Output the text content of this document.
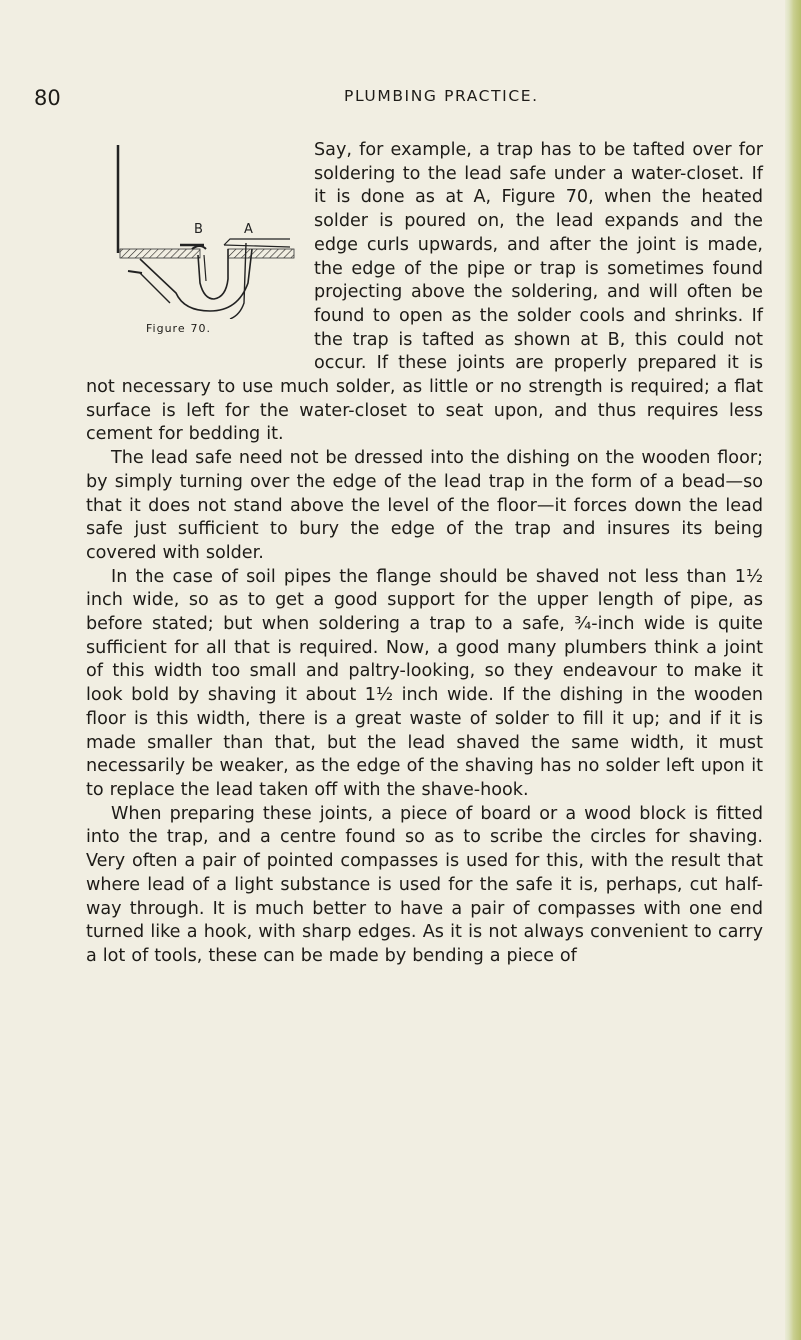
80	PLUMBING PRACTICE.
B	A
Figure 70.

Say, for example, a trap has to be tafted over for soldering to the lead safe under a water-closet. If it is done as at A, Figure 70, when the heated solder is poured on, the lead expands and the edge curls upwards, and after the joint is made, the edge of the pipe or trap is sometimes found projecting above the soldering, and will often be found to open as the solder cools and shrinks. If the trap is tafted as shown at B, this could not occur. If these joints are properly prepared it is not necessary to use much solder, as little or no strength is required; a flat surface is left for the water-closet to seat upon, and thus requires less cement for bedding it.

The lead safe need not be dressed into the dishing on the wooden floor; by simply turning over the edge of the lead trap in the form of a bead—so that it does not stand above the level of the floor—it forces down the lead safe just sufficient to bury the edge of the trap and insures its being covered with solder.

In the case of soil pipes the flange should be shaved not less than 1½ inch wide, so as to get a good support for the upper length of pipe, as before stated; but when soldering a trap to a safe, ¾-inch wide is quite sufficient for all that is required. Now, a good many plumbers think a joint of this width too small and paltry-looking, so they endeavour to make it look bold by shaving it about 1½ inch wide. If the dishing in the wooden floor is this width, there is a great waste of solder to fill it up; and if it is made smaller than that, but the lead shaved the same width, it must necessarily be weaker, as the edge of the shaving has no solder left upon it to replace the lead taken off with the shave-hook.

When preparing these joints, a piece of board or a wood block is fitted into the trap, and a centre found so as to scribe the circles for shaving. Very often a pair of pointed compasses is used for this, with the result that where lead of a light substance is used for the safe it is, perhaps, cut half-way through. It is much better to have a pair of compasses with one end turned like a hook, with sharp edges. As it is not always convenient to carry a lot of tools, these can be made by bending a piece of
